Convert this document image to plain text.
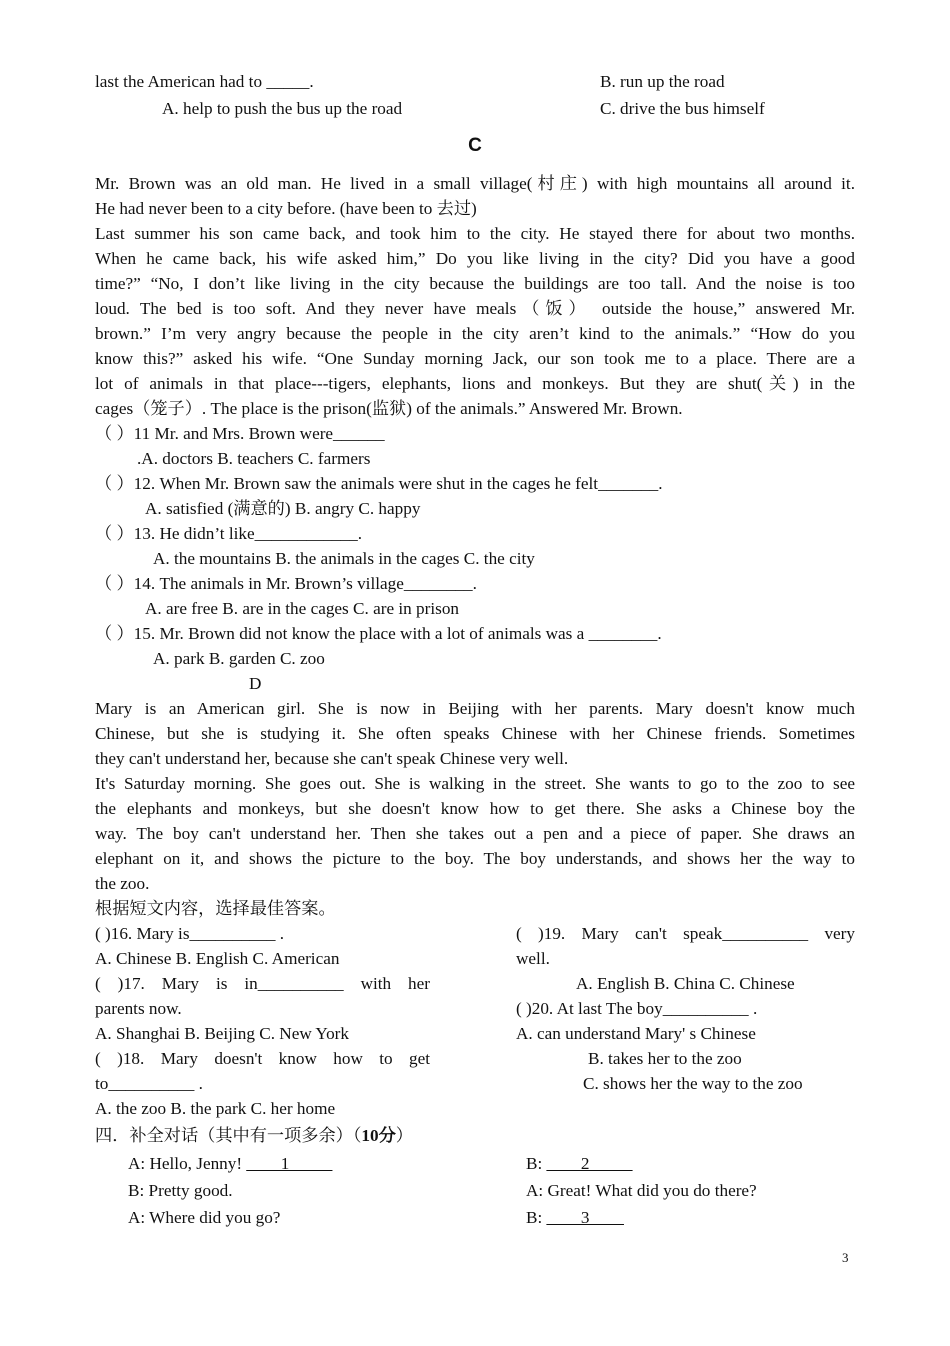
last the American had to _____.	B. run up the road
A. help to push the bus up the road	C. drive the bus himself
C
Mr. Brown was an old man. He lived in a small village(村庄) with high mountains all around it.
He had never been to a city before. (have been to 去过)
Last summer his son came back, and took him to the city. He stayed there for about two months.
When he came back, his wife asked him,” Do you like living in the city? Did you have a good
time?” “No, I don’t like living in the city because the buildings are too tall. And the noise is too
loud. The bed is too soft. And they never have meals（饭） outside the house,” answered Mr.
brown.” I’m very angry because the people in the city aren’t kind to the animals.” “How do you
know this?” asked his wife. “One Sunday morning Jack, our son took me to a place. There are a
lot of animals in that place---tigers, elephants, lions and monkeys. But they are shut(关) in the
cages（笼子）. The place is the prison(监狱) of the animals.” Answered Mr. Brown.
（ ）11 Mr. and Mrs. Brown were______
.A. doctors B. teachers C. farmers
（ ）12. When Mr. Brown saw the animals were shut in the cages he felt_______.
A. satisfied (满意的) B. angry C. happy
（ ）13. He didn’t like____________.
A. the mountains B. the animals in the cages C. the city
（ ）14. The animals in Mr. Brown’s village________.
A. are free B. are in the cages C. are in prison
（ ）15. Mr. Brown did not know the place with a lot of animals was a ________.
A. park B. garden C. zoo
D
Mary is an American girl. She is now in Beijing with her parents. Mary doesn't know much
Chinese, but she is studying it. She often speaks Chinese with her Chinese friends. Sometimes
they can't understand her, because she can't speak Chinese very well.
It's Saturday morning. She goes out. She is walking in the street. She wants to go to the zoo to see
the elephants and monkeys, but she doesn't know how to get there. She asks a Chinese boy the
way. The boy can't understand her. Then she takes out a pen and a piece of paper. She draws an
elephant on it, and shows the picture to the boy. The boy understands, and shows her the way to
the zoo.
根据短文内容，选择最佳答案。
( )16. Mary is__________ .
A. Chinese B. English C. American
( )17. Mary is in__________ with her
parents now.
A. Shanghai B. Beijing C. New York
( )18. Mary doesn't know how to get
to__________ .
A. the zoo B. the park C. her home
( )19. Mary can't speak__________ very
well.
A. English B. China C. Chinese
( )20. At last The boy__________ .
A. can understand Mary' s Chinese
B. takes her to the zoo
C. shows her the way to the zoo
四．补全对话（其中有一项多余）（10分）
A: Hello, Jenny! ____1_____
B: Pretty good.
A: Where did you go?
B: ____2_____
A: Great! What did you do there?
B: ____3____
3
